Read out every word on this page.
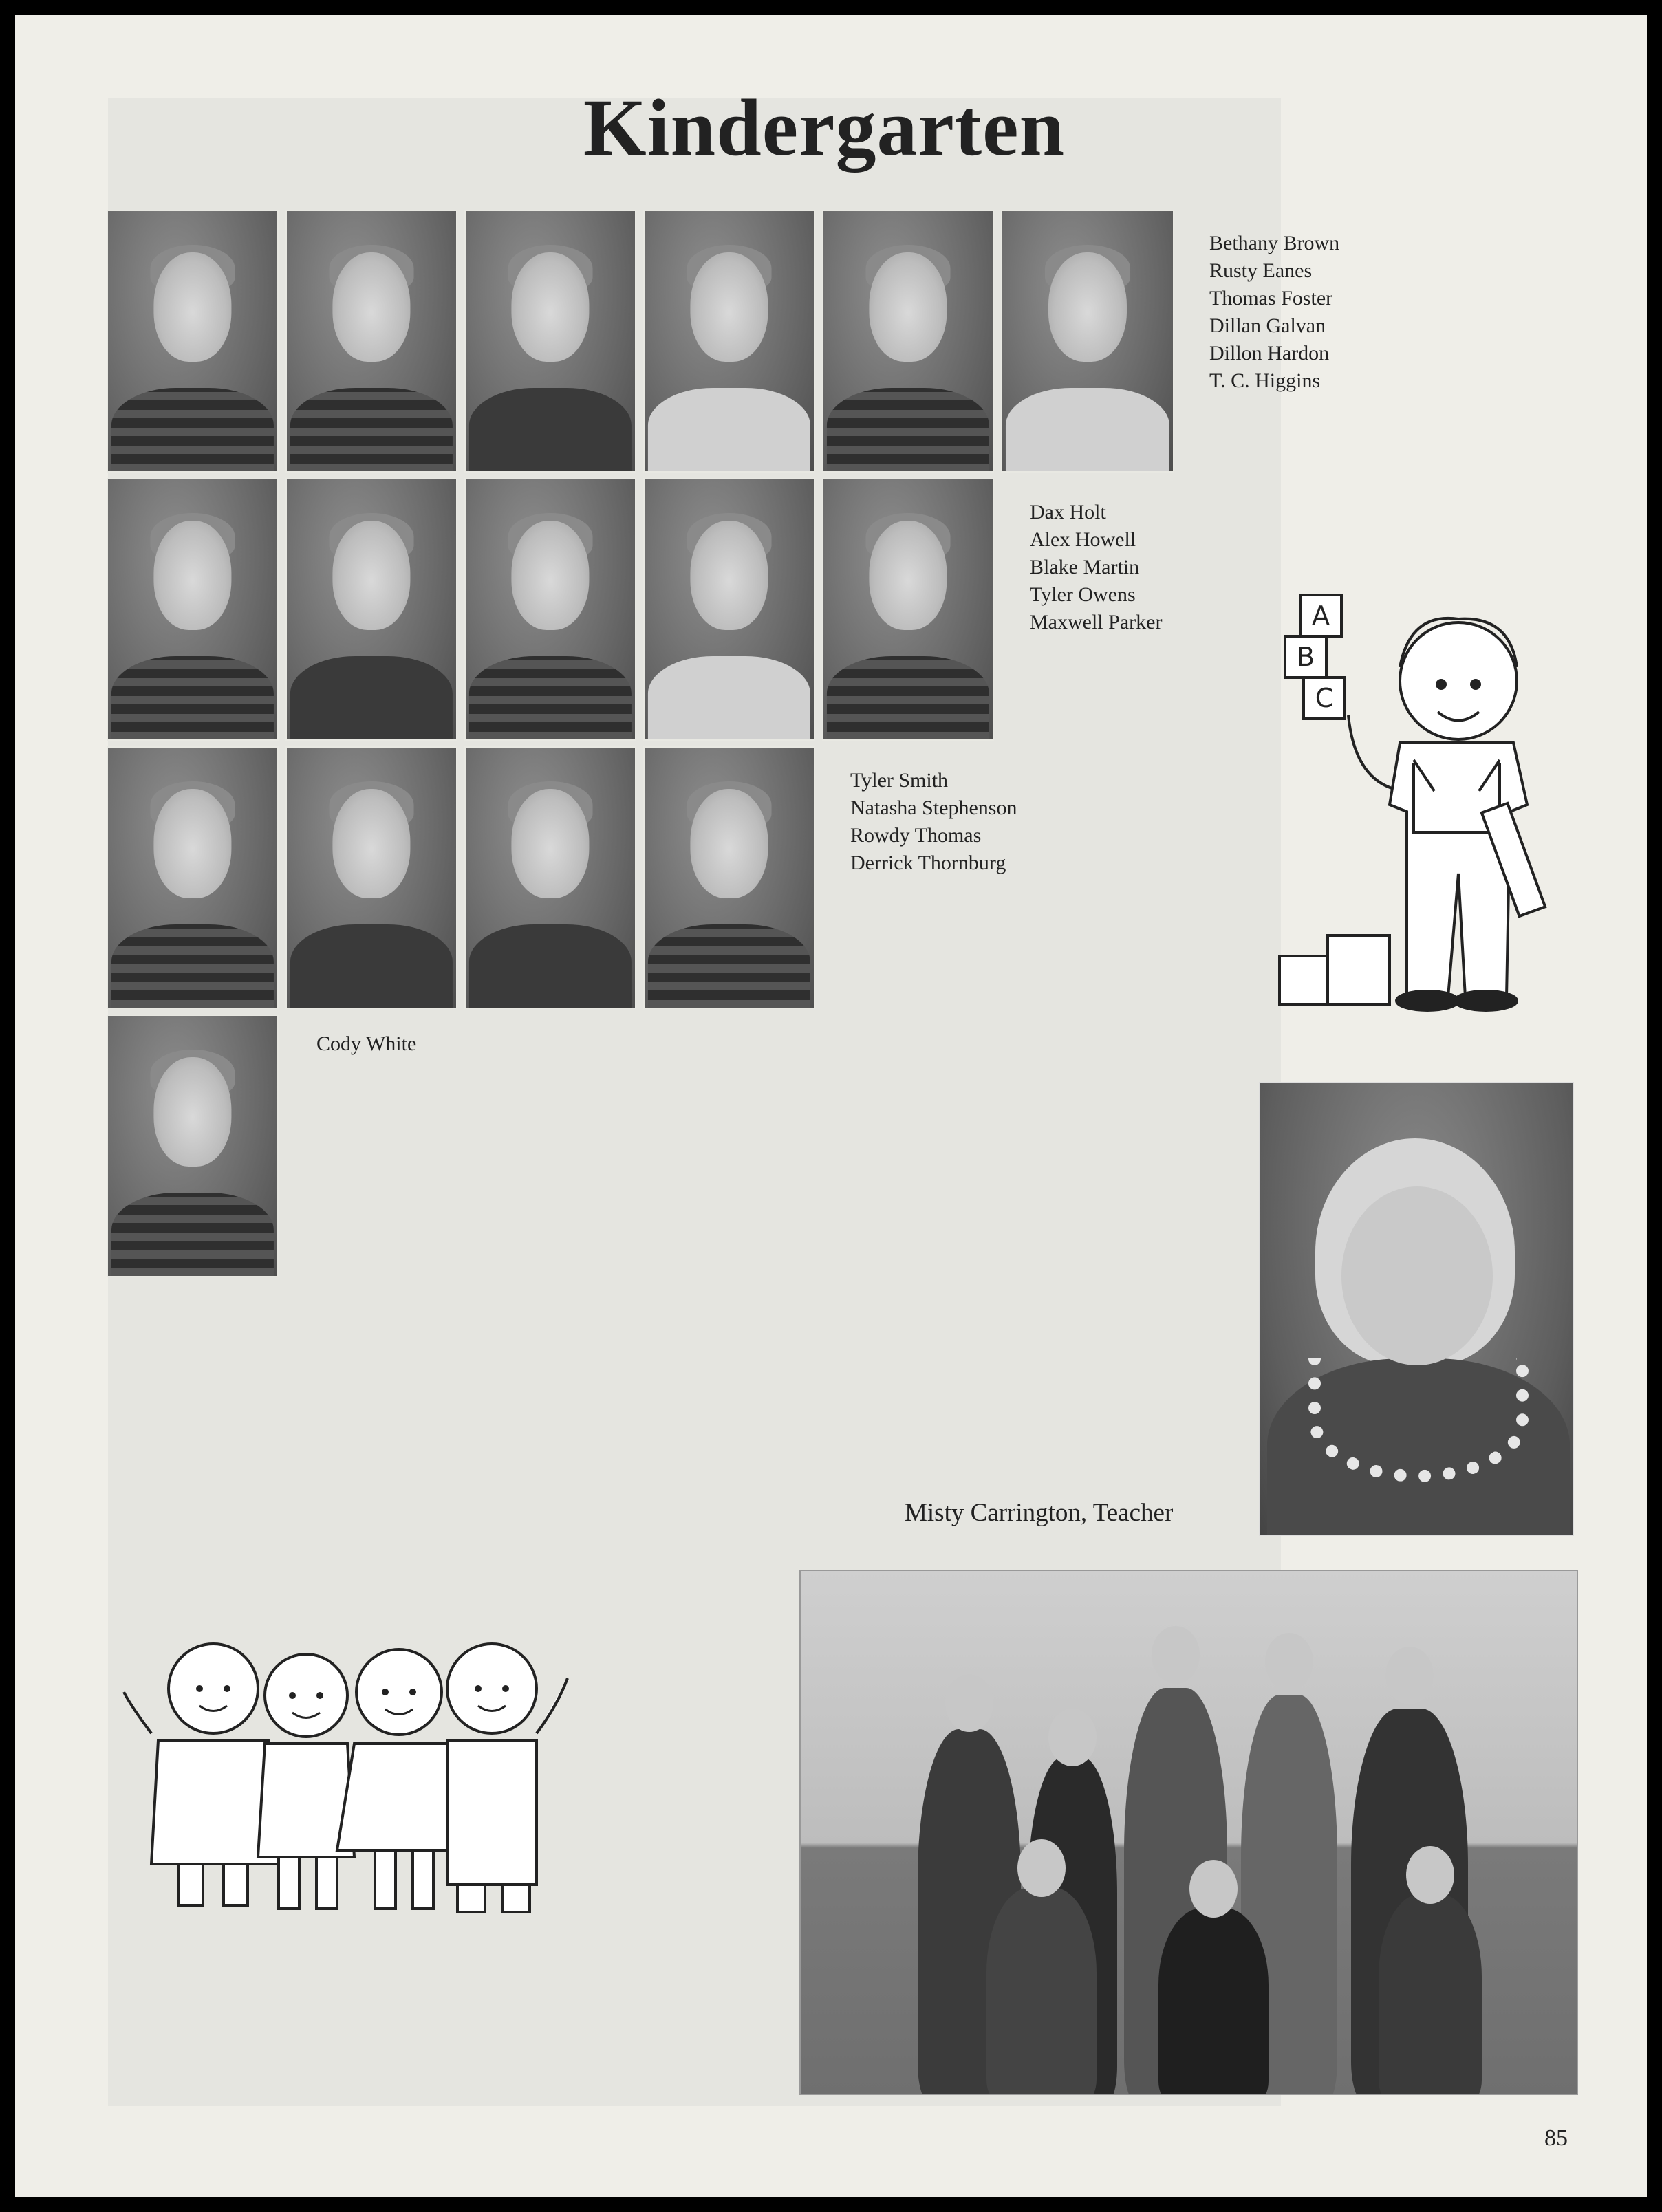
Kindergarten
Bethany Brown
Rusty Eanes
Thomas Foster
Dillan Galvan
Dillon Hardon
T. C. Higgins
Dax Holt
Alex Howell
Blake Martin
Tyler Owens
Maxwell Parker
Tyler Smith
Natasha Stephenson
Rowdy Thomas
Derrick Thornburg
Cody White
A
B
C
Misty Carrington, Teacher
85
